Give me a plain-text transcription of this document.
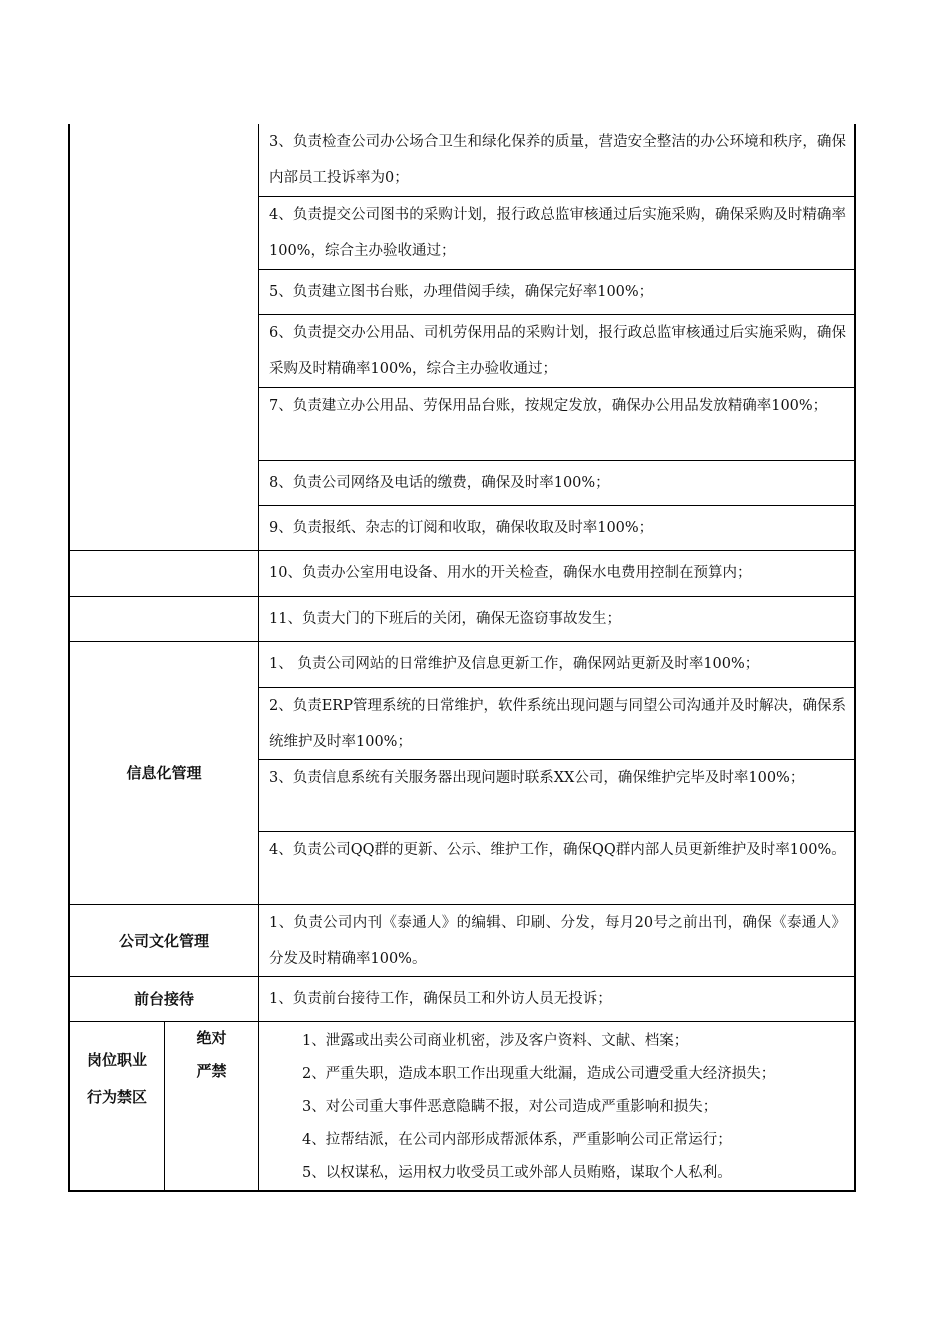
3、负责检查公司办公场合卫生和绿化保养的质量，营造安全整洁的办公环境和秩序，确保内部员工投诉率为0；
4、负责提交公司图书的采购计划，报行政总监审核通过后实施采购，确保采购及时精确率100%，综合主办验收通过；
5、负责建立图书台账，办理借阅手续，确保完好率100%；
6、负责提交办公用品、司机劳保用品的采购计划，报行政总监审核通过后实施采购，确保采购及时精确率100%，综合主办验收通过；
7、负责建立办公用品、劳保用品台账，按规定发放，确保办公用品发放精确率100%；
8、负责公司网络及电话的缴费，确保及时率100%；
9、负责报纸、杂志的订阅和收取，确保收取及时率100%；
10、负责办公室用电设备、用水的开关检查，确保水电费用控制在预算内；
11、负责大门的下班后的关闭，确保无盗窃事故发生；
信息化管理
1、 负责公司网站的日常维护及信息更新工作，确保网站更新及时率100%；
2、负责ERP管理系统的日常维护，软件系统出现问题与同望公司沟通并及时解决，确保系统维护及时率100%；
3、负责信息系统有关服务器出现问题时联系XX公司，确保维护完毕及时率100%；
4、负责公司QQ群的更新、公示、维护工作，确保QQ群内部人员更新维护及时率100%。
公司文化管理
1、负责公司内刊《泰通人》的编辑、印刷、分发，每月20号之前出刊，确保《泰通人》分发及时精确率100%。
前台接待	1、负责前台接待工作，确保员工和外访人员无投诉；
岗位职业
行为禁区
绝对
严禁
1、泄露或出卖公司商业机密，涉及客户资料、文献、档案；
2、严重失职，造成本职工作出现重大纰漏，造成公司遭受重大经济损失；
3、对公司重大事件恶意隐瞒不报，对公司造成严重影响和损失；
4、拉帮结派，在公司内部形成帮派体系，严重影响公司正常运行；
5、以权谋私，运用权力收受员工或外部人员贿赂，谋取个人私利。
